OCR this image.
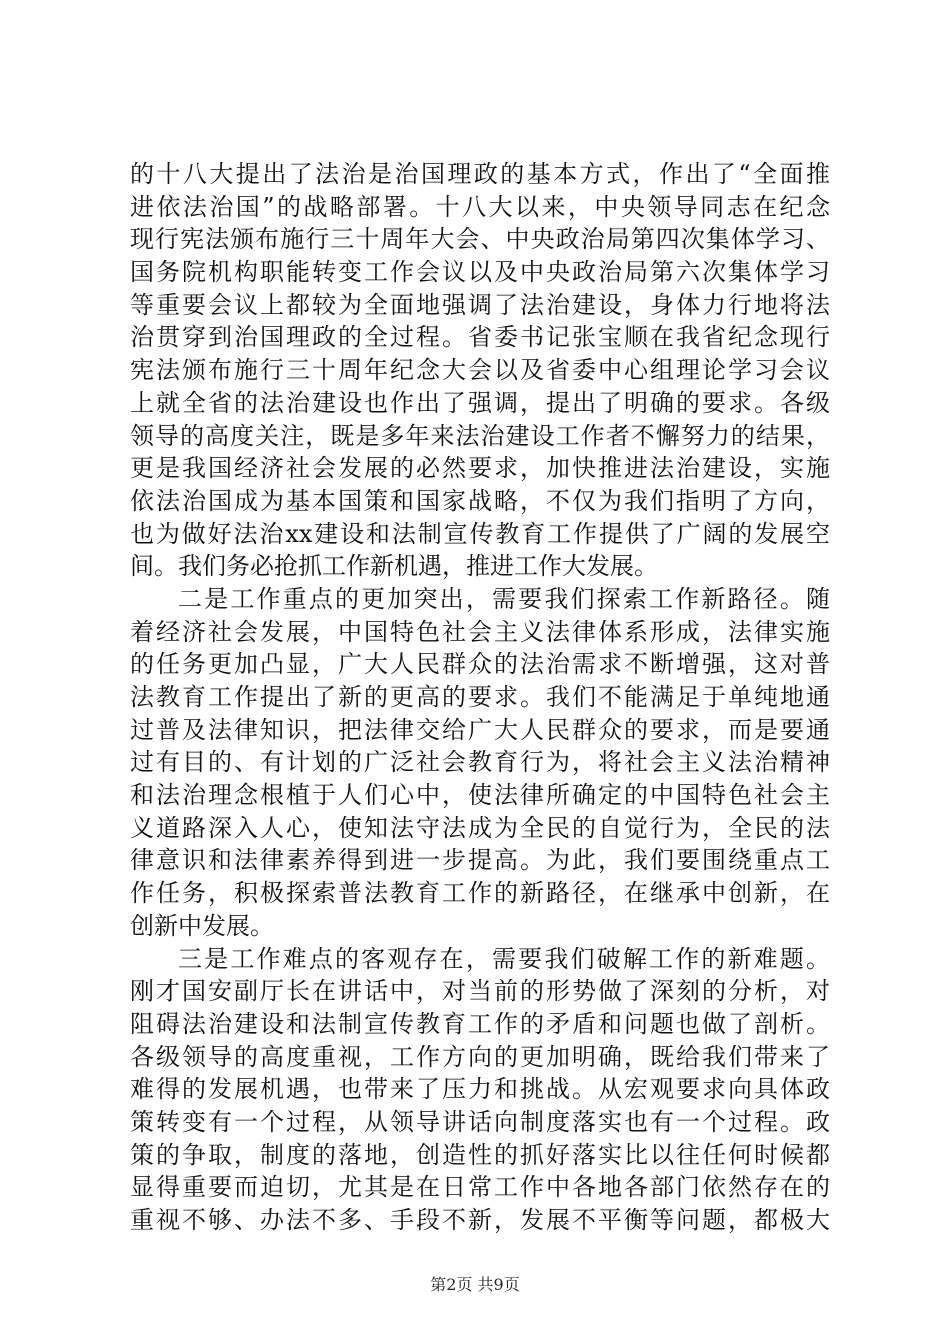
的十八大提出了法治是治国理政的基本方式，作出了“全面推
进依法治国”的战略部署。十八大以来，中央领导同志在纪念
现行宪法颁布施行三十周年大会、中央政治局第四次集体学习、
国务院机构职能转变工作会议以及中央政治局第六次集体学习
等重要会议上都较为全面地强调了法治建设，身体力行地将法
治贯穿到治国理政的全过程。省委书记张宝顺在我省纪念现行
宪法颁布施行三十周年纪念大会以及省委中心组理论学习会议
上就全省的法治建设也作出了强调，提出了明确的要求。各级
领导的高度关注，既是多年来法治建设工作者不懈努力的结果，
更是我国经济社会发展的必然要求，加快推进法治建设，实施
依法治国成为基本国策和国家战略，不仅为我们指明了方向，
也为做好法治xx建设和法制宣传教育工作提供了广阔的发展空
间。我们务必抢抓工作新机遇，推进工作大发展。
二是工作重点的更加突出，需要我们探索工作新路径。随
着经济社会发展，中国特色社会主义法律体系形成，法律实施
的任务更加凸显，广大人民群众的法治需求不断增强，这对普
法教育工作提出了新的更高的要求。我们不能满足于单纯地通
过普及法律知识，把法律交给广大人民群众的要求，而是要通
过有目的、有计划的广泛社会教育行为，将社会主义法治精神
和法治理念根植于人们心中，使法律所确定的中国特色社会主
义道路深入人心，使知法守法成为全民的自觉行为，全民的法
律意识和法律素养得到进一步提高。为此，我们要围绕重点工
作任务，积极探索普法教育工作的新路径，在继承中创新，在
创新中发展。
三是工作难点的客观存在，需要我们破解工作的新难题。
刚才国安副厅长在讲话中，对当前的形势做了深刻的分析，对
阻碍法治建设和法制宣传教育工作的矛盾和问题也做了剖析。
各级领导的高度重视，工作方向的更加明确，既给我们带来了
难得的发展机遇，也带来了压力和挑战。从宏观要求向具体政
策转变有一个过程，从领导讲话向制度落实也有一个过程。政
策的争取，制度的落地，创造性的抓好落实比以往任何时候都
显得重要而迫切，尤其是在日常工作中各地各部门依然存在的
重视不够、办法不多、手段不新，发展不平衡等问题，都极大
第2页 共9页
